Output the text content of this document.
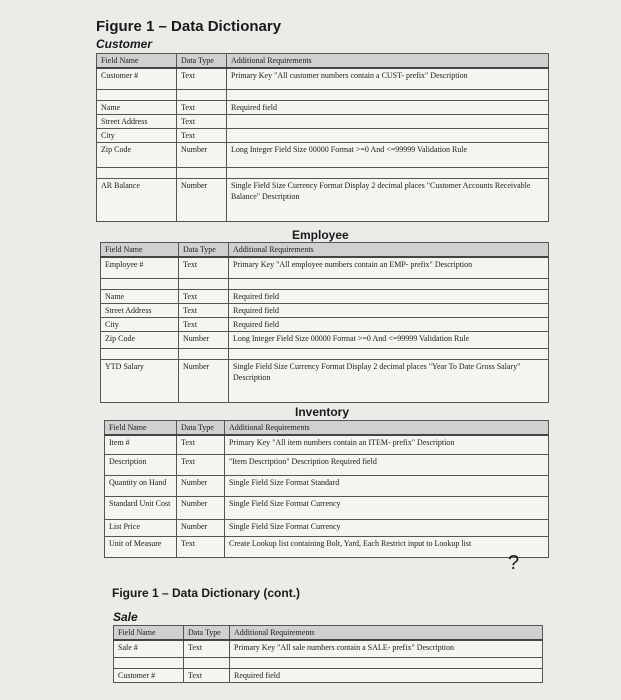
Figure 1 – Data Dictionary
Customer
Field Name	Data Type	Additional Requirements
Customer #	Text	Primary Key "All customer numbers contain a CUST- prefix" Description

Name	Text	Required field
Street Address	Text	
City	Text	
Zip Code	Number	Long Integer Field Size 00000 Format >=0 And <=99999 Validation Rule

AR Balance	Number	Single Field Size Currency Format Display 2 decimal places "Customer Accounts Receivable Balance" Description
Employee
Field Name	Data Type	Additional Requirements
Employee #	Text	Primary Key "All employee numbers contain an EMP- prefix" Description

Name	Text	Required field
Street Address	Text	Required field
City	Text	Required field
Zip Code	Number	Long Integer Field Size 00000 Format >=0 And <=99999 Validation Rule

YTD Salary	Number	Single Field Size Currency Format Display 2 decimal places "Year To Date Gross Salary" Description
Inventory
Field Name	Data Type	Additional Requirements
Item #	Text	Primary Key "All item numbers contain an ITEM- prefix" Description
Description	Text	"Item Description" Description Required field
Quantity on Hand	Number	Single Field Size Format Standard
Standard Unit Cost	Number	Single Field Size Format Currency
List Price	Number	Single Field Size Format Currency
Unit of Measure	Text	Create Lookup list containing Bolt, Yard, Each Restrict input to Lookup list
?
Figure 1 – Data Dictionary (cont.)
Sale
Field Name	Data Type	Additional Requirements
Sale #	Text	Primary Key "All sale numbers contain a SALE- prefix" Description

Customer #	Text	Required field
